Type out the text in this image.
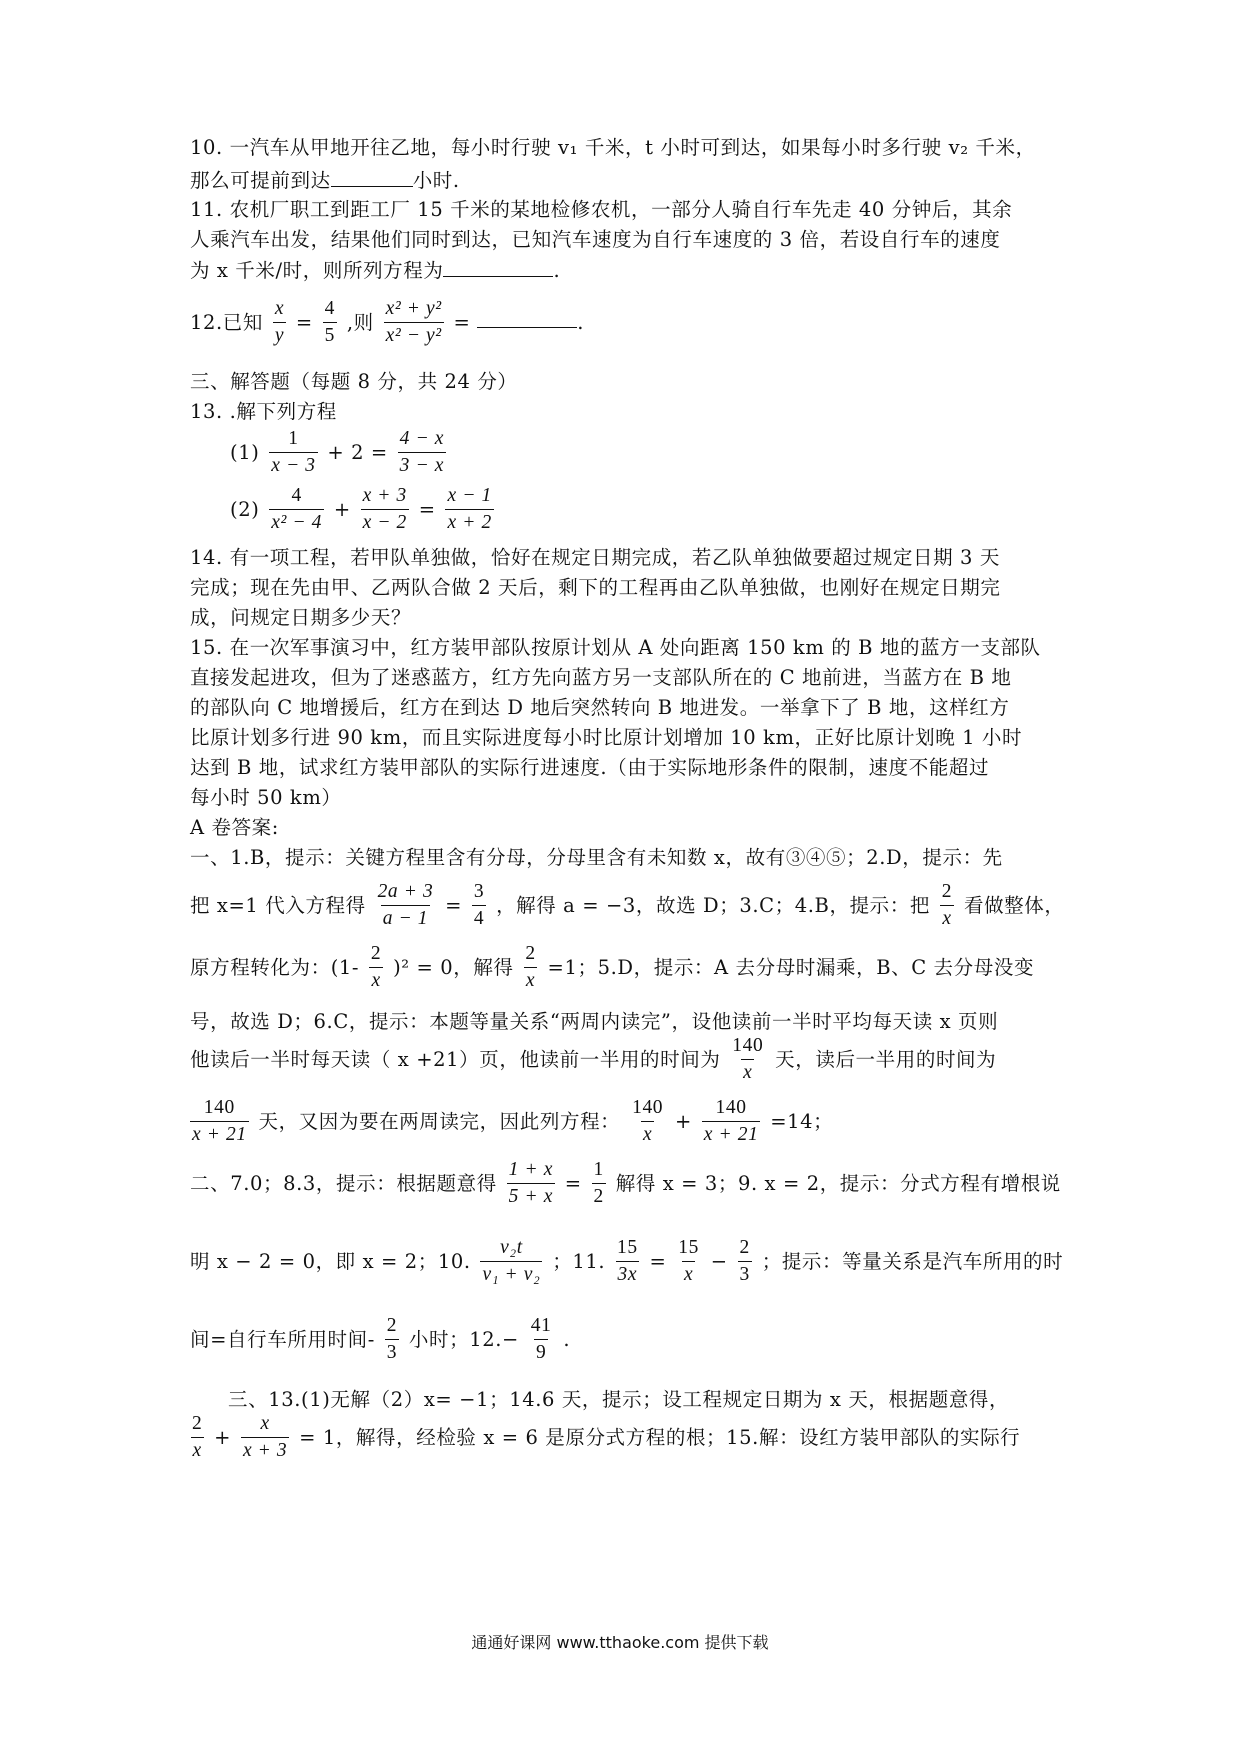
10. 一汽车从甲地开往乙地，每小时行驶 v₁ 千米，t 小时可到达，如果每小时多行驶 v₂ 千米，
那么可提前到达	小时.
11. 农机厂职工到距工厂 15 千米的某地检修农机，一部分人骑自行车先走 40 分钟后，其余
人乘汽车出发，结果他们同时到达，已知汽车速度为自行车速度的 3 倍，若设自行车的速度
为 x 千米/时，则所列方程为	.
12.已知 $\frac{x}{y} = \frac{4}{5}$ ,则 $\frac{\text{x² + y²}}{\text{x² − y²}}$ =	.
三、解答题（每题 8 分，共 24 分）
13. .解下列方程
$(1) \frac{1}{x - 3} + 2 = \frac{4 - x}{3 - x}$
$(2) \frac{4}{\text{x² − 4}} + \frac{x + 3}{x - 2} = \frac{x - 1}{x + 2}$
14. 有一项工程，若甲队单独做，恰好在规定日期完成，若乙队单独做要超过规定日期 3 天
完成；现在先由甲、乙两队合做 2 天后，剩下的工程再由乙队单独做，也刚好在规定日期完
成，问规定日期多少天？
15. 在一次军事演习中，红方装甲部队按原计划从 A 处向距离 150 km 的 B 地的蓝方一支部队
直接发起进攻，但为了迷惑蓝方，红方先向蓝方另一支部队所在的 C 地前进，当蓝方在 B 地
的部队向 C 地增援后，红方在到达 D 地后突然转向 B 地进发。一举拿下了 B 地，这样红方
比原计划多行进 90 km，而且实际进度每小时比原计划增加 10 km，正好比原计划晚 1 小时
达到 B 地，试求红方装甲部队的实际行进速度.（由于实际地形条件的限制，速度不能超过
每小时 50 km）
A 卷答案:
一、1.B，提示：关键方程里含有分母，分母里含有未知数 x，故有③④⑤；2.D，提示：先
把 x=1 代入方程得 $\frac{2a + 3}{a - 1} = \frac{3}{4}$ ，解得 a = −3，故选 D；3.C；4.B，提示：把 $\frac{2}{x}$ 看做整体，
原方程转化为：$(1- \frac{2}{x} )^2 = 0$，解得 $\frac{2}{x} =1$；5.D，提示：A 去分母时漏乘，B、C 去分母没变
号，故选 D；6.C，提示：本题等量关系“两周内读完”，设他读前一半时平均每天读 x 页则
他读后一半时每天读（ x +21）页，他读前一半用的时间为 $\frac{140}{x}$ 天，读后一半用的时间为
$\frac{140}{x + 21}$ 天，又因为要在两周读完，因此列方程： $\frac{140}{x} + \frac{140}{x + 21} =14$；
二、7.0；8.3，提示：根据题意得 $\frac{1 + x}{5 + x} = \frac{1}{2}$ 解得 x = 3；9. x = 2，提示：分式方程有增根说
明 x − 2 = 0，即 x = 2；10. $\frac{\text{v₂t}}{\text{v₁ + v₂}}$ ；11. $\frac{15}{3x} = \frac{15}{x} - \frac{2}{3}$ ；提示：等量关系是汽车所用的时
间=自行车所用时间- $\frac{2}{3}$ 小时；$12.- \frac{41}{9}$ .
三、13.(1)无解（2）x= −1；14.6 天，提示；设工程规定日期为 x 天，根据题意得，
$\frac{2}{x} + \frac{x}{x + 3} = 1$，解得，经检验 x = 6 是原分式方程的根；15.解：设红方装甲部队的实际行
通通好课网 www.tthaoke.com 提供下载
